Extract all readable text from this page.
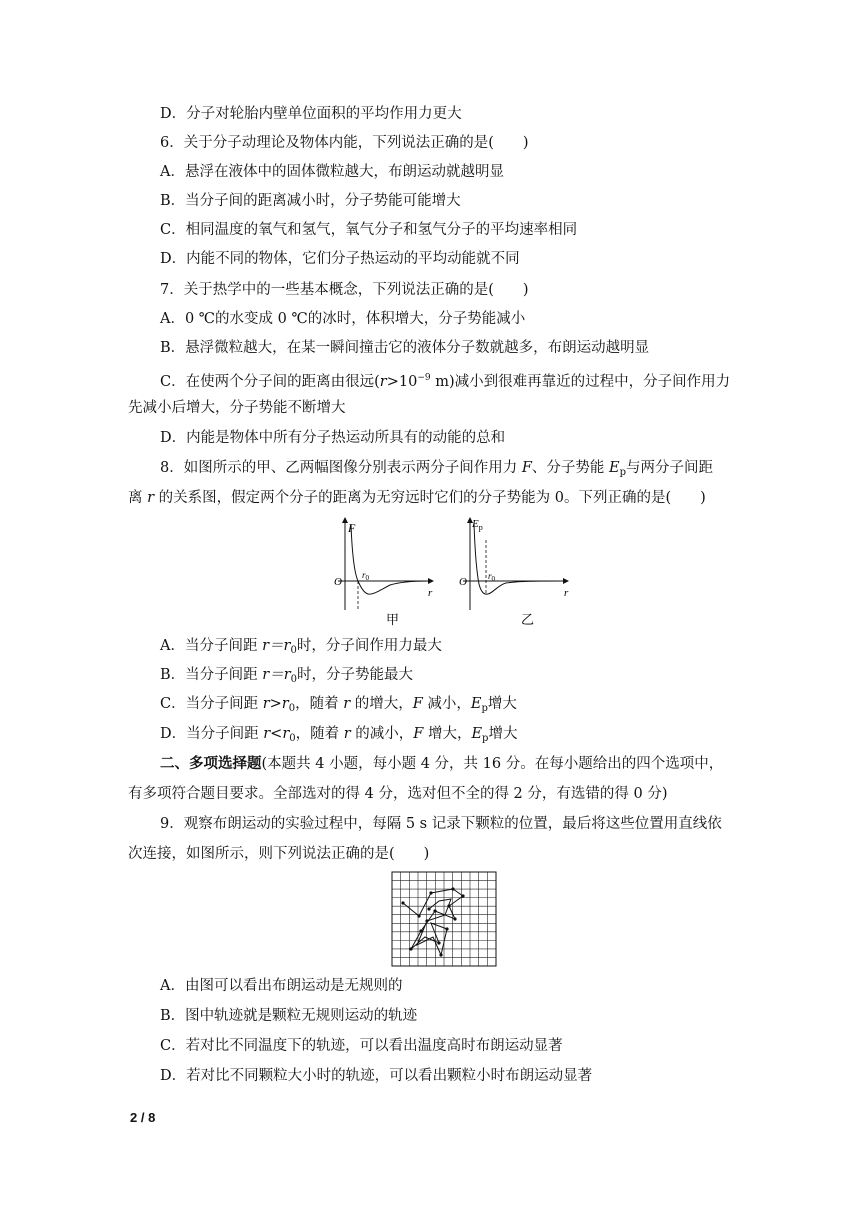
D．分子对轮胎内壁单位面积的平均作用力更大
6．关于分子动理论及物体内能，下列说法正确的是(　　)
A．悬浮在液体中的固体微粒越大，布朗运动就越明显
B．当分子间的距离减小时，分子势能可能增大
C．相同温度的氧气和氢气，氧气分子和氢气分子的平均速率相同
D．内能不同的物体，它们分子热运动的平均动能就不同
7．关于热学中的一些基本概念，下列说法正确的是(　　)
A．0 ℃的水变成 0 ℃的冰时，体积增大，分子势能减小
B．悬浮微粒越大，在某一瞬间撞击它的液体分子数就越多，布朗运动越明显
C．在使两个分子间的距离由很远($r>10^{-9}$ m)减小到很难再靠近的过程中，分子间作用力
先减小后增大，分子势能不断增大
D．内能是物体中所有分子热运动所具有的动能的总和
8．如图所示的甲、乙两幅图像分别表示两分子间作用力 F、分子势能 $E_p$与两分子间距
离 r 的关系图，假定两个分子的距离为无穷远时它们的分子势能为 0。下列正确的是(　　)
F
O
r
$r_0$
甲
$E_p$
O
r
$r_0$
乙
A．当分子间距 $r=r_0$时，分子间作用力最大
B．当分子间距 $r=r_0$时，分子势能最大
C．当分子间距 $r>r_0$，随着 r 的增大，F 减小，$E_p$增大
D．当分子间距 $r<r_0$，随着 r 的减小，F 增大，$E_p$增大
二、多项选择题(本题共 4 小题，每小题 4 分，共 16 分。在每小题给出的四个选项中，
有多项符合题目要求。全部选对的得 4 分，选对但不全的得 2 分，有选错的得 0 分)
9．观察布朗运动的实验过程中，每隔 5 s 记录下颗粒的位置，最后将这些位置用直线依
次连接，如图所示，则下列说法正确的是(　　)
A．由图可以看出布朗运动是无规则的
B．图中轨迹就是颗粒无规则运动的轨迹
C．若对比不同温度下的轨迹，可以看出温度高时布朗运动显著
D．若对比不同颗粒大小时的轨迹，可以看出颗粒小时布朗运动显著
2 / 8
